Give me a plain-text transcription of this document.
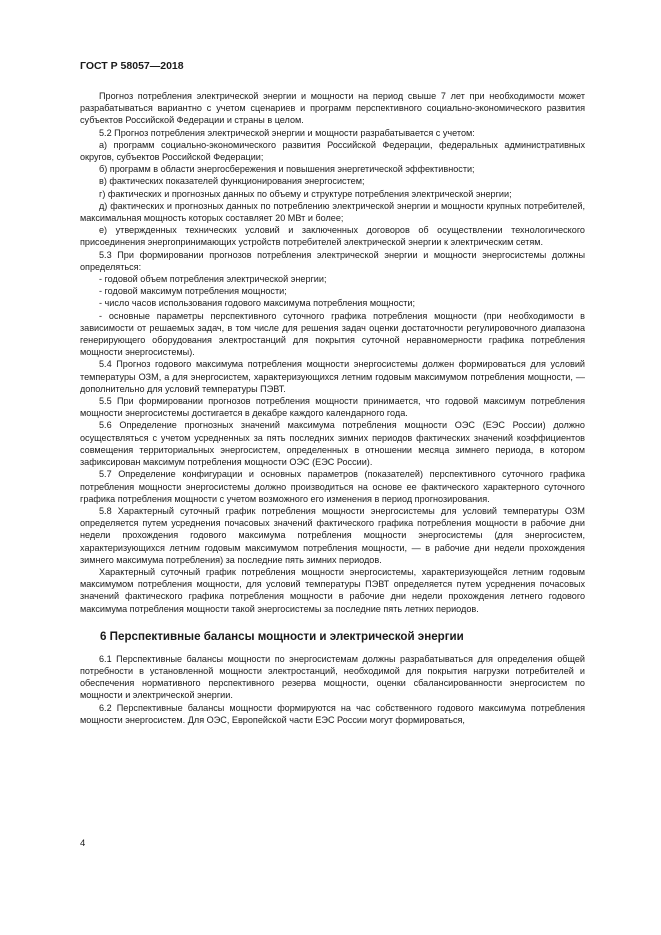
ГОСТ Р 58057—2018

Прогноз потребления электрической энергии и мощности на период свыше 7 лет при необходимости может разрабатываться вариантно с учетом сценариев и программ перспективного социально-экономического развития субъектов Российской Федерации и страны в целом.

5.2 Прогноз потребления электрической энергии и мощности разрабатывается с учетом:

а) программ социально-экономического развития Российской Федерации, федеральных административных округов, субъектов Российской Федерации;

б) программ в области энергосбережения и повышения энергетической эффективности;

в) фактических показателей функционирования энергосистем;

г) фактических и прогнозных данных по объему и структуре потребления электрической энергии;

д) фактических и прогнозных данных по потреблению электрической энергии и мощности крупных потребителей, максимальная мощность которых составляет 20 МВт и более;

е) утвержденных технических условий и заключенных договоров об осуществлении технологического присоединения энергопринимающих устройств потребителей электрической энергии к электрическим сетям.

5.3 При формировании прогнозов потребления электрической энергии и мощности энергосистемы должны определяться:

- годовой объем потребления электрической энергии;

- годовой максимум потребления мощности;

- число часов использования годового максимума потребления мощности;

- основные параметры перспективного суточного графика потребления мощности (при необходимости в зависимости от решаемых задач, в том числе для решения задач оценки достаточности регулировочного диапазона генерирующего оборудования электростанций для покрытия суточной неравномерности графика потребления мощности энергосистемы).

5.4 Прогноз годового максимума потребления мощности энергосистемы должен формироваться для условий температуры ОЗМ, а для энергосистем, характеризующихся летним годовым максимумом потребления мощности, — дополнительно для условий температуры ПЭВТ.

5.5 При формировании прогнозов потребления мощности принимается, что годовой максимум потребления мощности энергосистемы достигается в декабре каждого календарного года.

5.6 Определение прогнозных значений максимума потребления мощности ОЭС (ЕЭС России) должно осуществляться с учетом усредненных за пять последних зимних периодов фактических значений коэффициентов совмещения территориальных энергосистем, определенных в отношении месяца зимнего периода, в котором зафиксирован максимум потребления мощности ОЭС (ЕЭС России).

5.7 Определение конфигурации и основных параметров (показателей) перспективного суточного графика потребления мощности энергосистемы должно производиться на основе ее фактического характерного суточного графика потребления мощности с учетом возможного его изменения в период прогнозирования.

5.8 Характерный суточный график потребления мощности энергосистемы для условий температуры ОЗМ определяется путем усреднения почасовых значений фактического графика потребления мощности в рабочие дни недели прохождения годового максимума потребления мощности энергосистемы (для энергосистем, характеризующихся летним годовым максимумом потребления мощности, — в рабочие дни недели прохождения зимнего максимума потребления) за последние пять зимних периодов.

Характерный суточный график потребления мощности энергосистемы, характеризующейся летним годовым максимумом потребления мощности, для условий температуры ПЭВТ определяется путем усреднения почасовых значений фактического графика потребления мощности в рабочие дни недели прохождения летнего годового максимума потребления мощности такой энергосистемы за последние пять летних периодов.

6 Перспективные балансы мощности и электрической энергии

6.1 Перспективные балансы мощности по энергосистемам должны разрабатываться для определения общей потребности в установленной мощности электростанций, необходимой для покрытия нагрузки потребителей и обеспечения нормативного перспективного резерва мощности, оценки сбалансированности энергосистем по мощности и электрической энергии.

6.2 Перспективные балансы мощности формируются на час собственного годового максимума потребления мощности энергосистем. Для ОЭС, Европейской части ЕЭС России могут формироваться,

4
